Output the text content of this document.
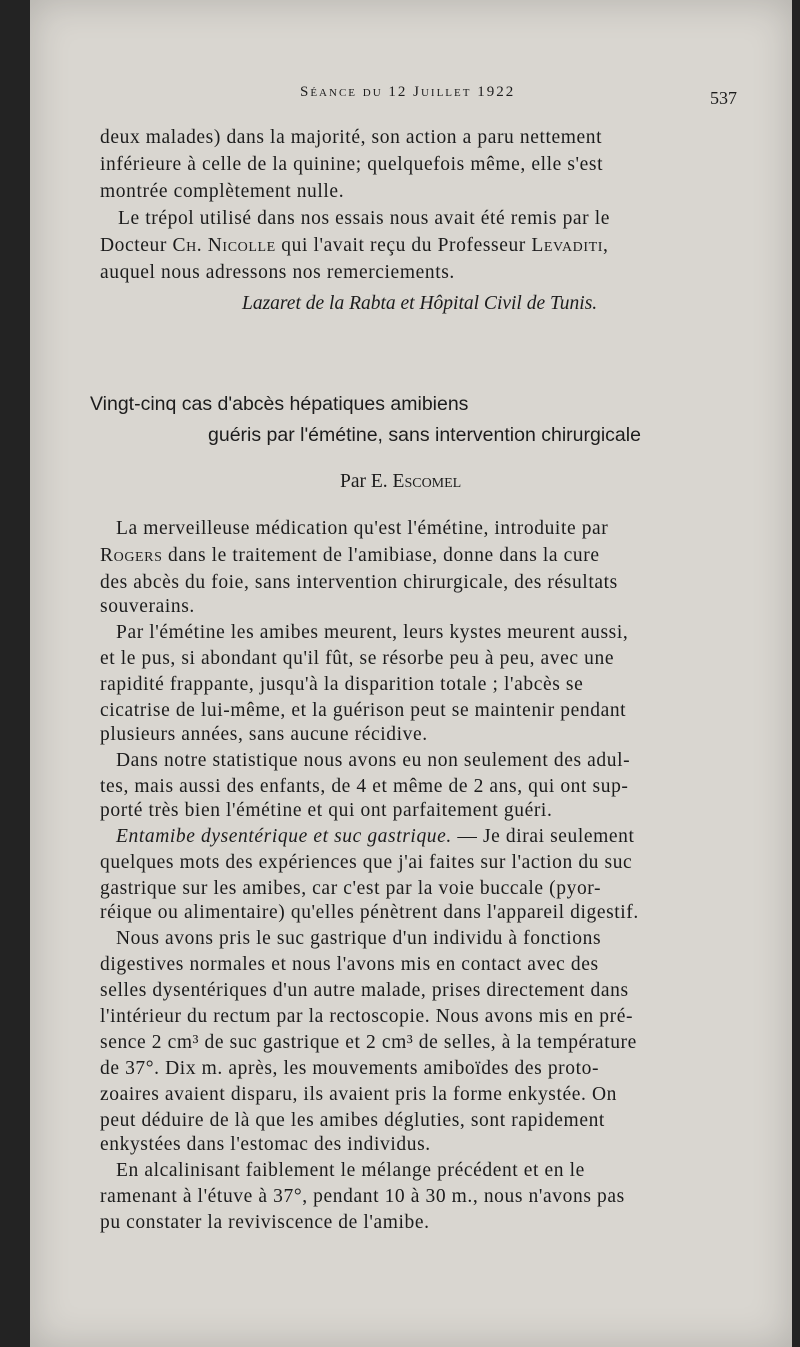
Séance du 12 Juillet 1922	537
deux malades) dans la majorité, son action a paru nettement
inférieure à celle de la quinine; quelquefois même, elle s'est
montrée complètement nulle.
Le trépol utilisé dans nos essais nous avait été remis par le
Docteur Ch. Nicolle qui l'avait reçu du Professeur Levaditi,
auquel nous adressons nos remerciements.
Lazaret de la Rabta et Hôpital Civil de Tunis.
Vingt-cinq cas d'abcès hépatiques amibiens
guéris par l'émétine, sans intervention chirurgicale
Par E. Escomel
La merveilleuse médication qu'est l'émétine, introduite par
Rogers dans le traitement de l'amibiase, donne dans la cure
des abcès du foie, sans intervention chirurgicale, des résultats
souverains.
Par l'émétine les amibes meurent, leurs kystes meurent aussi,
et le pus, si abondant qu'il fût, se résorbe peu à peu, avec une
rapidité frappante, jusqu'à la disparition totale ; l'abcès se
cicatrise de lui-même, et la guérison peut se maintenir pendant
plusieurs années, sans aucune récidive.
Dans notre statistique nous avons eu non seulement des adul-
tes, mais aussi des enfants, de 4 et même de 2 ans, qui ont sup-
porté très bien l'émétine et qui ont parfaitement guéri.
Entamibe dysentérique et suc gastrique. — Je dirai seulement
quelques mots des expériences que j'ai faites sur l'action du suc
gastrique sur les amibes, car c'est par la voie buccale (pyor-
réique ou alimentaire) qu'elles pénètrent dans l'appareil digestif.
Nous avons pris le suc gastrique d'un individu à fonctions
digestives normales et nous l'avons mis en contact avec des
selles dysentériques d'un autre malade, prises directement dans
l'intérieur du rectum par la rectoscopie. Nous avons mis en pré-
sence 2 cm³ de suc gastrique et 2 cm³ de selles, à la température
de 37°. Dix m. après, les mouvements amiboïdes des proto-
zoaires avaient disparu, ils avaient pris la forme enkystée. On
peut déduire de là que les amibes dégluties, sont rapidement
enkystées dans l'estomac des individus.
En alcalinisant faiblement le mélange précédent et en le
ramenant à l'étuve à 37°, pendant 10 à 30 m., nous n'avons pas
pu constater la reviviscence de l'amibe.
